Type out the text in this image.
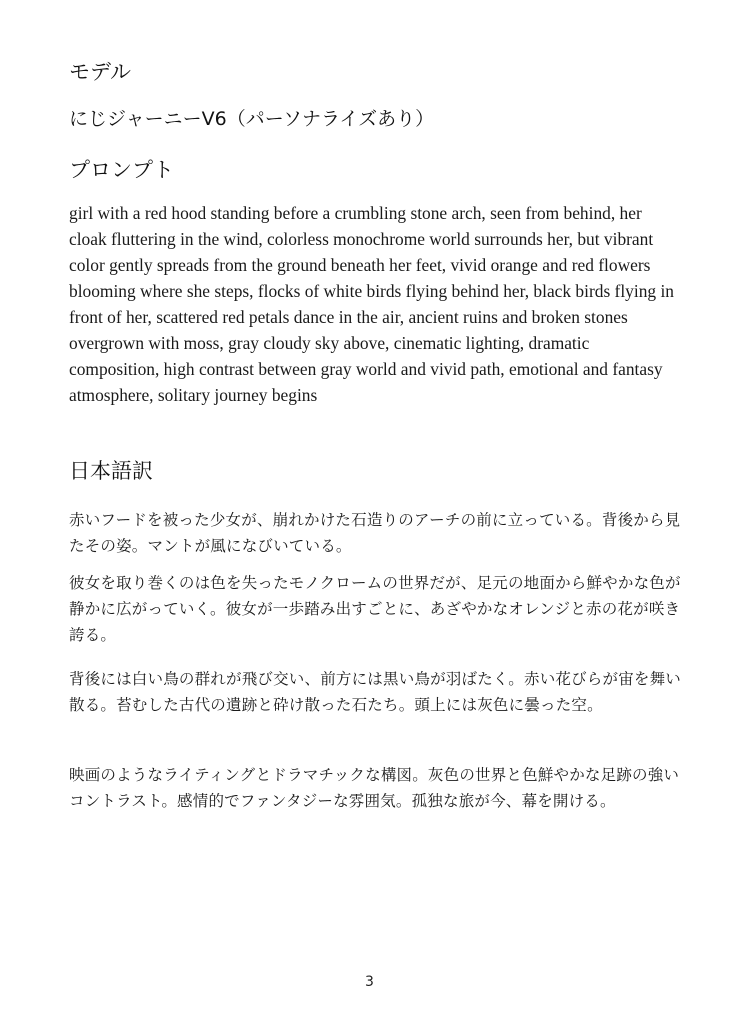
モデル
にじジャーニーV6（パーソナライズあり）
プロンプト

girl with a red hood standing before a crumbling stone arch, seen from behind, her cloak fluttering in the wind, colorless monochrome world surrounds her, but vibrant color gently spreads from the ground beneath her feet, vivid orange and red flowers blooming where she steps, flocks of white birds flying behind her, black birds flying in front of her, scattered red petals dance in the air, ancient ruins and broken stones overgrown with moss, gray cloudy sky above, cinematic lighting, dramatic composition, high contrast between gray world and vivid path, emotional and fantasy atmosphere, solitary journey begins

日本語訳

赤いフードを被った少女が、崩れかけた石造りのアーチの前に立っている。背後から見たその姿。マントが風になびいている。

彼女を取り巻くのは色を失ったモノクロームの世界だが、足元の地面から鮮やかな色が静かに広がっていく。彼女が一歩踏み出すごとに、あざやかなオレンジと赤の花が咲き誇る。

背後には白い鳥の群れが飛び交い、前方には黒い鳥が羽ばたく。赤い花びらが宙を舞い散る。苔むした古代の遺跡と砕け散った石たち。頭上には灰色に曇った空。

映画のようなライティングとドラマチックな構図。灰色の世界と色鮮やかな足跡の強いコントラスト。感情的でファンタジーな雰囲気。孤独な旅が今、幕を開ける。

3
